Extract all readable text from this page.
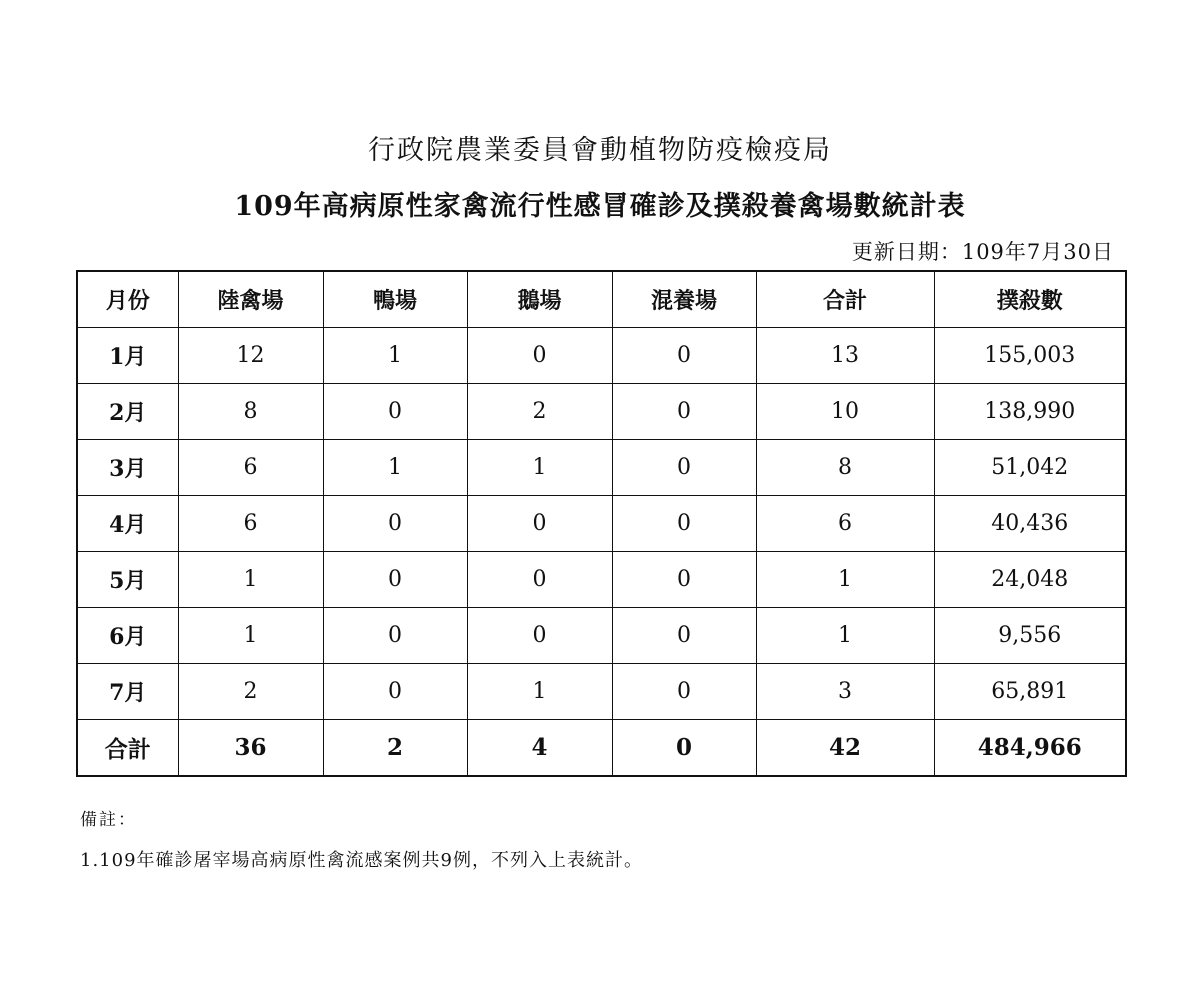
行政院農業委員會動植物防疫檢疫局
109年高病原性家禽流行性感冒確診及撲殺養禽場數統計表
更新日期：109年7月30日
月份	陸禽場	鴨場	鵝場	混養場	合計	撲殺數
1月	12	1	0	0	13	155,003
2月	8	0	2	0	10	138,990
3月	6	1	1	0	8	51,042
4月	6	0	0	0	6	40,436
5月	1	0	0	0	1	24,048
6月	1	0	0	0	1	9,556
7月	2	0	1	0	3	65,891
合計	36	2	4	0	42	484,966
備註：
1.109年確診屠宰場高病原性禽流感案例共9例，不列入上表統計。
